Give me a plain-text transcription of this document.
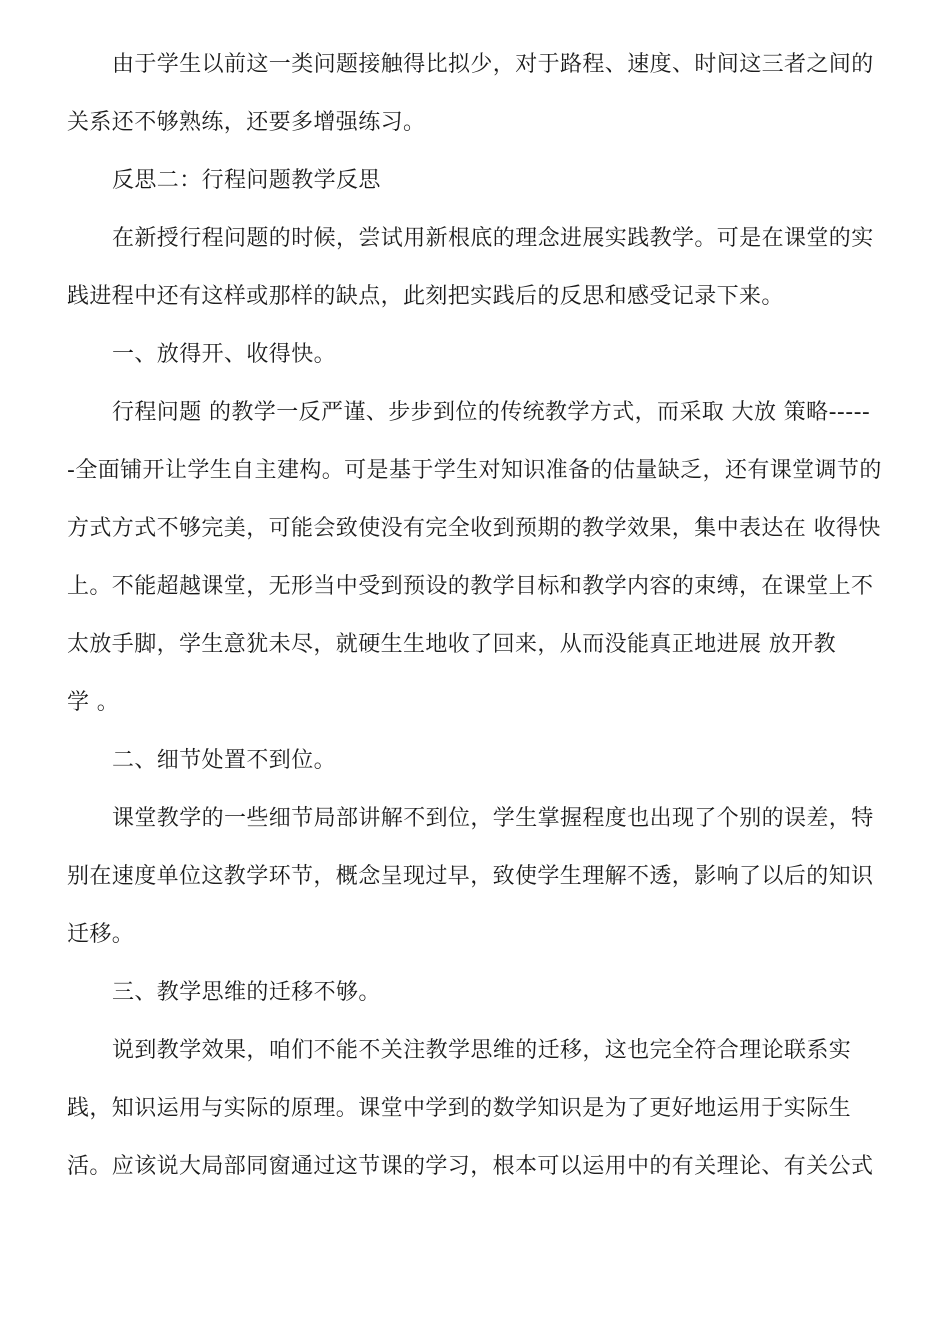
由于学生以前这一类问题接触得比拟少，对于路程、速度、时间这三者之间的
关系还不够熟练，还要多增强练习。
反思二：行程问题教学反思
在新授行程问题的时候，尝试用新根底的理念进展实践教学。可是在课堂的实
践进程中还有这样或那样的缺点，此刻把实践后的反思和感受记录下来。
一、放得开、收得快。
行程问题 的教学一反严谨、步步到位的传统教学方式，而采取 大放 策略-----
-全面铺开让学生自主建构。可是基于学生对知识准备的估量缺乏，还有课堂调节的
方式方式不够完美，可能会致使没有完全收到预期的教学效果，集中表达在 收得快
上。不能超越课堂，无形当中受到预设的教学目标和教学内容的束缚，在课堂上不
太放手脚，学生意犹未尽，就硬生生地收了回来，从而没能真正地进展 放开教
学 。
二、细节处置不到位。
课堂教学的一些细节局部讲解不到位，学生掌握程度也出现了个别的误差，特
别在速度单位这教学环节，概念呈现过早，致使学生理解不透，影响了以后的知识
迁移。
三、教学思维的迁移不够。
说到教学效果，咱们不能不关注教学思维的迁移，这也完全符合理论联系实
践，知识运用与实际的原理。课堂中学到的数学知识是为了更好地运用于实际生
活。应该说大局部同窗通过这节课的学习，根本可以运用中的有关理论、有关公式
